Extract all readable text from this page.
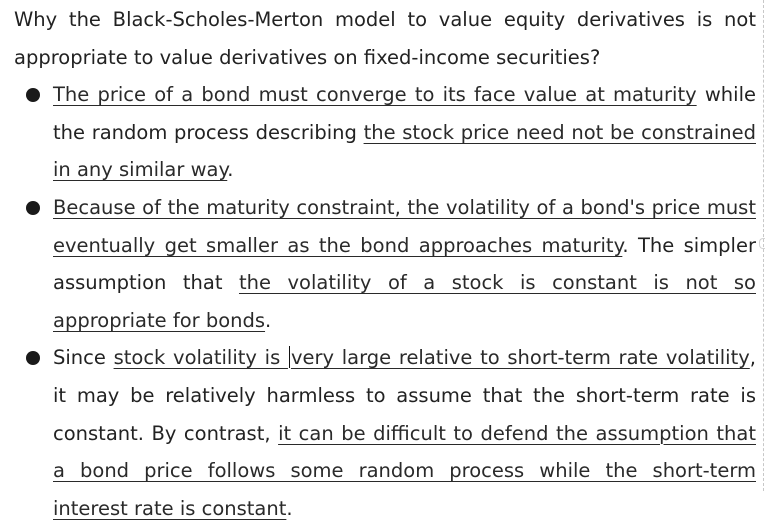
Why the Black-Scholes-Merton model to value equity derivatives is not appropriate to value derivatives on fixed-income securities?

The price of a bond must converge to its face value at maturity while the random process describing the stock price need not be constrained in any similar way.
Because of the maturity constraint, the volatility of a bond's price must eventually get smaller as the bond approaches maturity. The simpler assumption that the volatility of a stock is constant is not so appropriate for bonds.
Since stock volatility is very large relative to short-term rate volatility, it may be relatively harmless to assume that the short-term rate is constant. By contrast, it can be difficult to defend the assumption that a bond price follows some random process while the short-term interest rate is constant.
